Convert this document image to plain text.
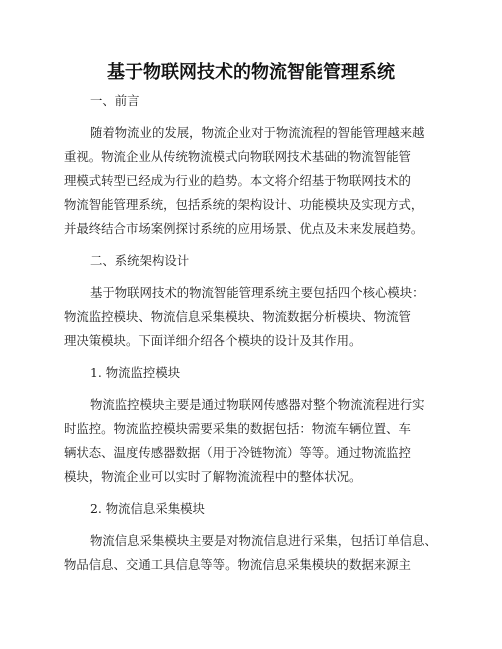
基于物联网技术的物流智能管理系统
一、前言
随着物流业的发展，物流企业对于物流流程的智能管理越来越
重视。物流企业从传统物流模式向物联网技术基础的物流智能管
理模式转型已经成为行业的趋势。本文将介绍基于物联网技术的
物流智能管理系统，包括系统的架构设计、功能模块及实现方式，
并最终结合市场案例探讨系统的应用场景、优点及未来发展趋势。
二、系统架构设计
基于物联网技术的物流智能管理系统主要包括四个核心模块：
物流监控模块、物流信息采集模块、物流数据分析模块、物流管
理决策模块。下面详细介绍各个模块的设计及其作用。
1. 物流监控模块
物流监控模块主要是通过物联网传感器对整个物流流程进行实
时监控。物流监控模块需要采集的数据包括：物流车辆位置、车
辆状态、温度传感器数据（用于冷链物流）等等。通过物流监控
模块，物流企业可以实时了解物流流程中的整体状况。
2. 物流信息采集模块
物流信息采集模块主要是对物流信息进行采集，包括订单信息、
物品信息、交通工具信息等等。物流信息采集模块的数据来源主
